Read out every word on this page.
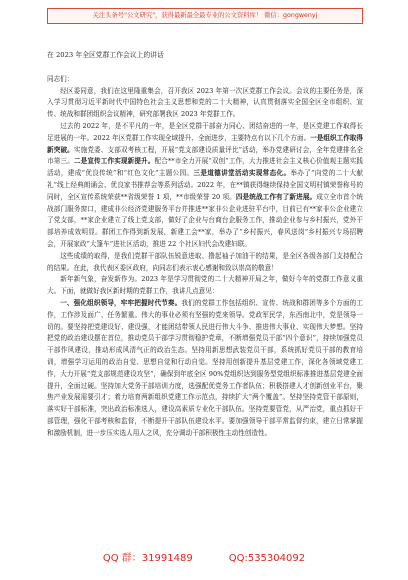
关注头条号"公文研究"，获得最新最全最专业的公文资料库！ 微信：gongwenyj
在 2023 年全区党群工作会议上的讲话
同志们：

经区委同意，我们在这里隆重集会，召开我区 2023 年第一次区党群工作会议。会议的主要任务是，深入学习贯彻习近平新时代中国特色社会主义思想和党的二十大精神，认真贯彻落实全国全区全市组织、宣传、统战和群团组织会议精神，研究部署我区 2023 年党群工作。

过去的 2022 年，是不平凡的一年，是全区党群干部奋力同心、团结奋进的一年，是区党建工作取得长足进展的一年。2022 年区党群工作实现全域提升、全面进步，主要特点有以下几个方面。一是组织工作取得新突破。实施党委、支部双考核工程，开展“党支部建设质量评比”活动，举办党建研讨会，全年党建排名全市第三。二是宣传工作实现新提升。配合**市全力开展“双创”工作，大力推进社会主义核心价值观主题实践活动，建成“优良传统”和“红色文化”主题公园。三是道德讲堂活动实现常态化。举办了“向党的二十大献礼”线上经典朗诵会、优良家书推荐会等系列活动。2022 年，在**镇获得继续保持全国文明村镇荣誉称号的同时，全区宣传系统荣获**省级荣誉 1 项，**市级荣誉 20 项。四是统战工作有了新进展。成立全市首个统战部门服务窗口，建成非公经济党建服务平台并推进**家非公企业进驻平台中，目前已有**家非公企业建立了党支部，**家企业建立了线上党支部，做好了企业与台商台企服务工作，推动企业参与乡村振兴，党外干部培养成效明显。群团工作得到新发展，新建工会**家，举办了“乡村振兴，春风送岗”乡村振兴专场招聘会，开展家政“大篷车”进社区活动，推进 22 个社区妇代会改建妇联。

这些成绩的取得，是我们党群干部队伍锐意进取、撸起袖子加油干的结果，是全区各级各部门支持配合的结果。在此，我代表区委区政府，向同志们表示衷心感谢和致以崇高的敬意！

新年新气象，奋发新作为。2023 年是学习贯彻党的二十大精神开局之年，做好今年的党群工作意义重大。下面，就做好我区新时期的党群工作，我讲几点意见：

一、强化组织领导，牢牢把握时代节奏。我们的党群工作包括组织、宣传、统战和群团等多个方面的工作，工作涉及面广、任务繁重。伟大的事业必须有坚强的党来领导。党政军民学，东西南北中，党是领导一切的。要坚持把党建设好、建设强，才能团结带领人民进行伟大斗争、推进伟大事业、实现伟大梦想。坚持把党的政治建设摆在首位，推动党员干部学习贯彻稳护党章，不断增强党员干部“四个意识”，持续加强党员干部作风建设，推动形成风清气正的政治生态。坚持用新思想武装党员干部，系统抓好党员干部的教育培训，增强学习运用的政治自觉、思想自觉和行动自觉。坚持用创新提升基层党建工作，深化各领域党建工作，大力开展“党支部规范建设攻坚”，确保到年底全区 90%党组织达到服务型党组织标准推进基层党建全面提升，全面过硬。坚持加大党务干部培训力度，选强配优党务工作者队伍；积极搭建人才创新创业平台，聚焦产业发展需要引才；着力培育两新组织党建工作示范点，持续扩大“两个覆盖”。坚持坚持党管干部原则，落实好干部标准，突出政治标准选人，建设高素质专业化干部队伍。坚持党要管党，从严治党，重点抓好干部管理，强化干部考核和监督，不断提升干部队伍建设水平。要加强领导干部平常监督约束，建立日常掌握和激励机制，进一步压实选人用人之风，充分调动干部积极性主动性创造性。

QQ 群：31991489	QQ:535304092
